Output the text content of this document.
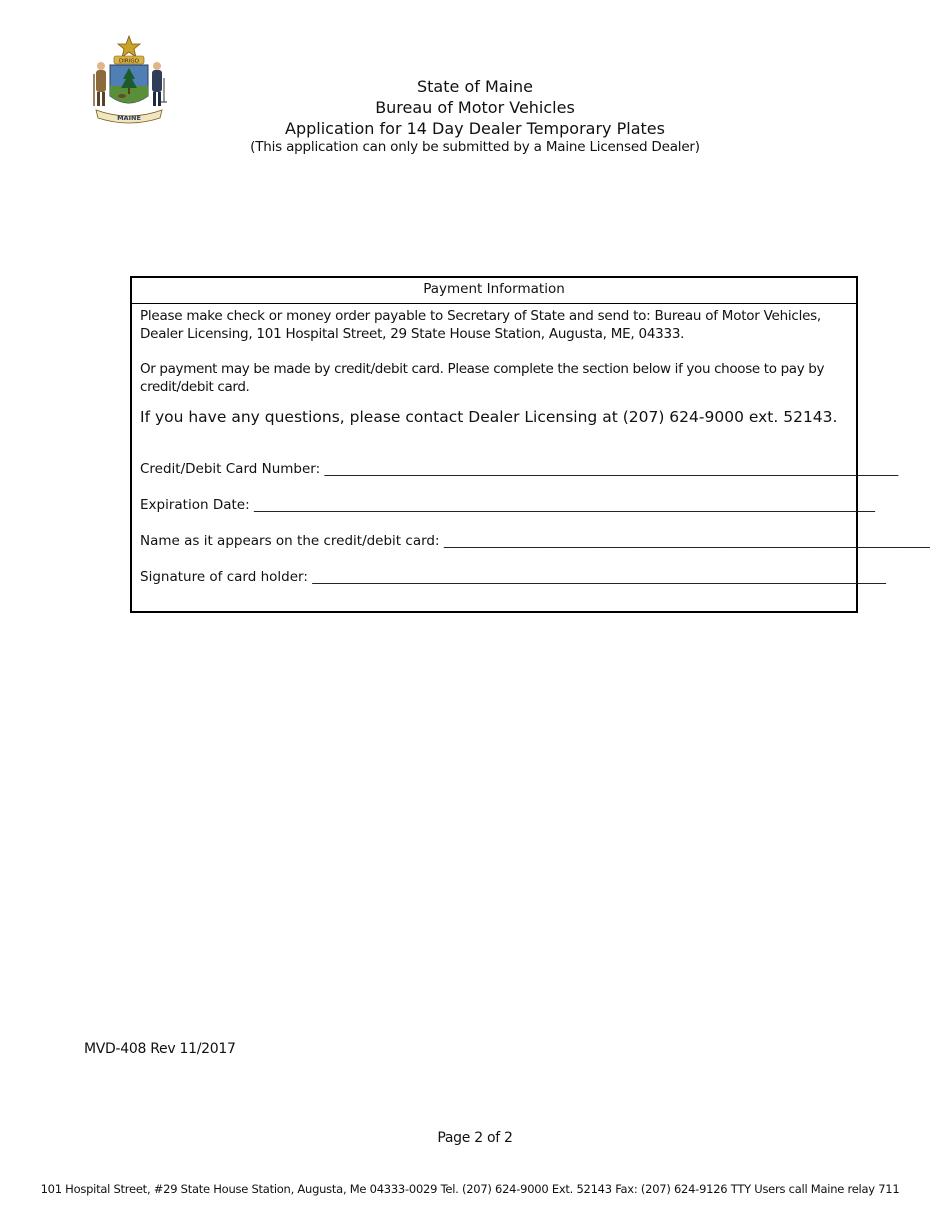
DIRIGO
MAINE
State of Maine
Bureau of Motor Vehicles
Application for 14 Day Dealer Temporary Plates
(This application can only be submitted by a Maine Licensed Dealer)
Payment Information
Please make check or money order payable to Secretary of State and send to: Bureau of Motor Vehicles, Dealer Licensing, 101 Hospital Street, 29 State House Station, Augusta, ME, 04333.
Or payment may be made by credit/debit card. Please complete the section below if you choose to pay by credit/debit card.
If you have any questions, please contact Dealer Licensing at (207) 624-9000 ext. 52143.
Credit/Debit Card Number: _____________________________________________________________________________________
Expiration Date: ____________________________________________________________________________________________
Name as it appears on the credit/debit card: ________________________________________________________________________
Signature of card holder: _____________________________________________________________________________________
MVD-408 Rev 11/2017
Page 2 of 2
101 Hospital Street, #29 State House Station, Augusta, Me 04333-0029 Tel. (207) 624-9000 Ext. 52143 Fax: (207) 624-9126 TTY Users call Maine relay 711
